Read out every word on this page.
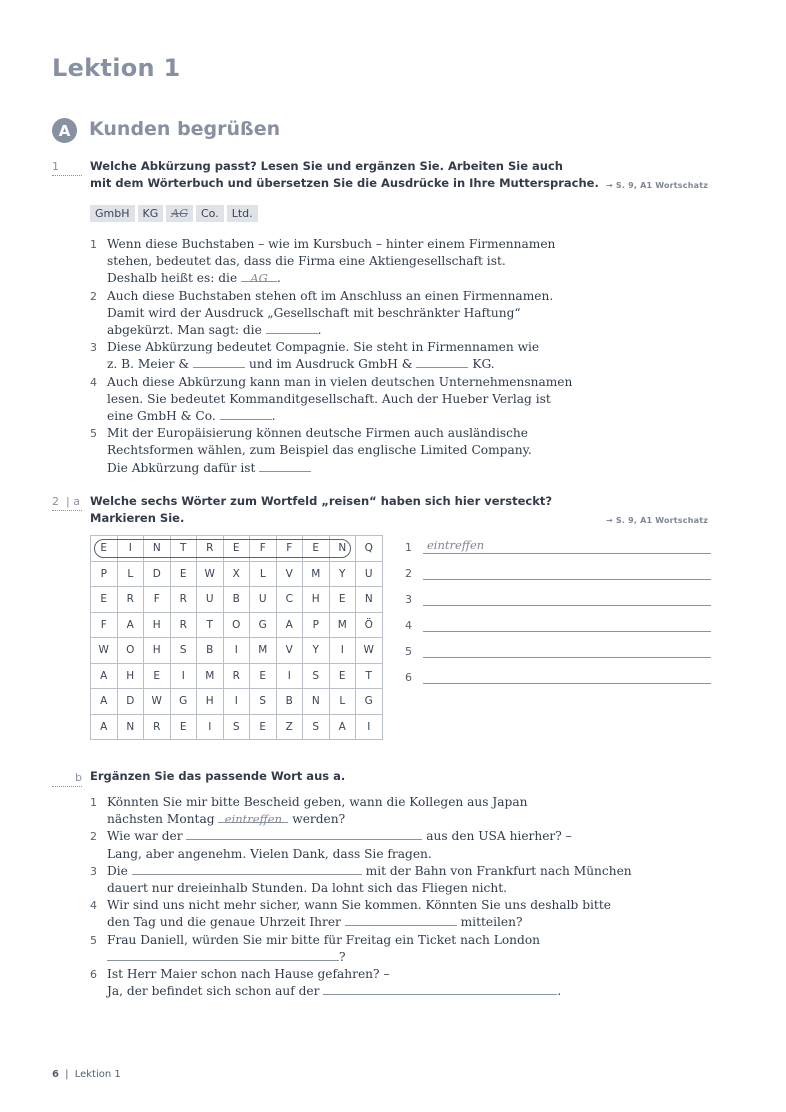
Lektion 1
A Kunden begrüßen
1	Welche Abkürzung passt? Lesen Sie und ergänzen Sie. Arbeiten Sie auch
mit dem Wörterbuch und übersetzen Sie die Ausdrücke in Ihre Muttersprache. → S. 9, A1 Wortschatz
GmbH	KG	AG	Co.	Ltd.
1 Wenn diese Buchstaben – wie im Kursbuch – hinter einem Firmennamen
stehen, bedeutet das, dass die Firma eine Aktiengesellschaft ist.
Deshalb heißt es: die AG .
2 Auch diese Buchstaben stehen oft im Anschluss an einen Firmennamen.
Damit wird der Ausdruck „Gesellschaft mit beschränkter Haftung“
abgekürzt. Man sagt: die	.
3 Diese Abkürzung bedeutet Compagnie. Sie steht in Firmennamen wie
z. B. Meier &	und im Ausdruck GmbH &	KG.
4 Auch diese Abkürzung kann man in vielen deutschen Unternehmensnamen
lesen. Sie bedeutet Kommanditgesellschaft. Auch der Hueber Verlag ist
eine GmbH & Co.	.
5 Mit der Europäisierung können deutsche Firmen auch ausländische
Rechtsformen wählen, zum Beispiel das englische Limited Company.
Die Abkürzung dafür ist
2  | a Welche sechs Wörter zum Wortfeld „reisen“ haben sich hier versteckt?
Markieren Sie.	→ S. 9, A1 Wortschatz
E	I	N	T	R	E	F	F	E	N	Q
P	L	D	E	W	X	L	V	M	Y	U
E	R	F	R	U	B	U	C	H	E	N
F	A	H	R	T	O	G	A	P	M	Ö
W	O	H	S	B	I	M	V	Y	I	W
A	H	E	I	M	R	E	I	S	E	T
A	D	W	G	H	I	S	B	N	L	G
A	N	R	E	I	S	E	Z	S	A	I
1	eintreffen
2
3
4
5
6
b Ergänzen Sie das passende Wort aus a.
1 Könnten Sie mir bitte Bescheid geben, wann die Kollegen aus Japan
nächsten Montag eintreffen werden?
2 Wie war der	aus den USA hierher? –
Lang, aber angenehm. Vielen Dank, dass Sie fragen.
3 Die	mit der Bahn von Frankfurt nach München
dauert nur dreieinhalb Stunden. Da lohnt sich das Fliegen nicht.
4 Wir sind uns nicht mehr sicher, wann Sie kommen. Könnten Sie uns deshalb bitte
den Tag und die genaue Uhrzeit Ihrer	mitteilen?
5 Frau Daniell, würden Sie mir bitte für Freitag ein Ticket nach London
?
6 Ist Herr Maier schon nach Hause gefahren? –
Ja, der befindet sich schon auf der	.
6 | Lektion 1
